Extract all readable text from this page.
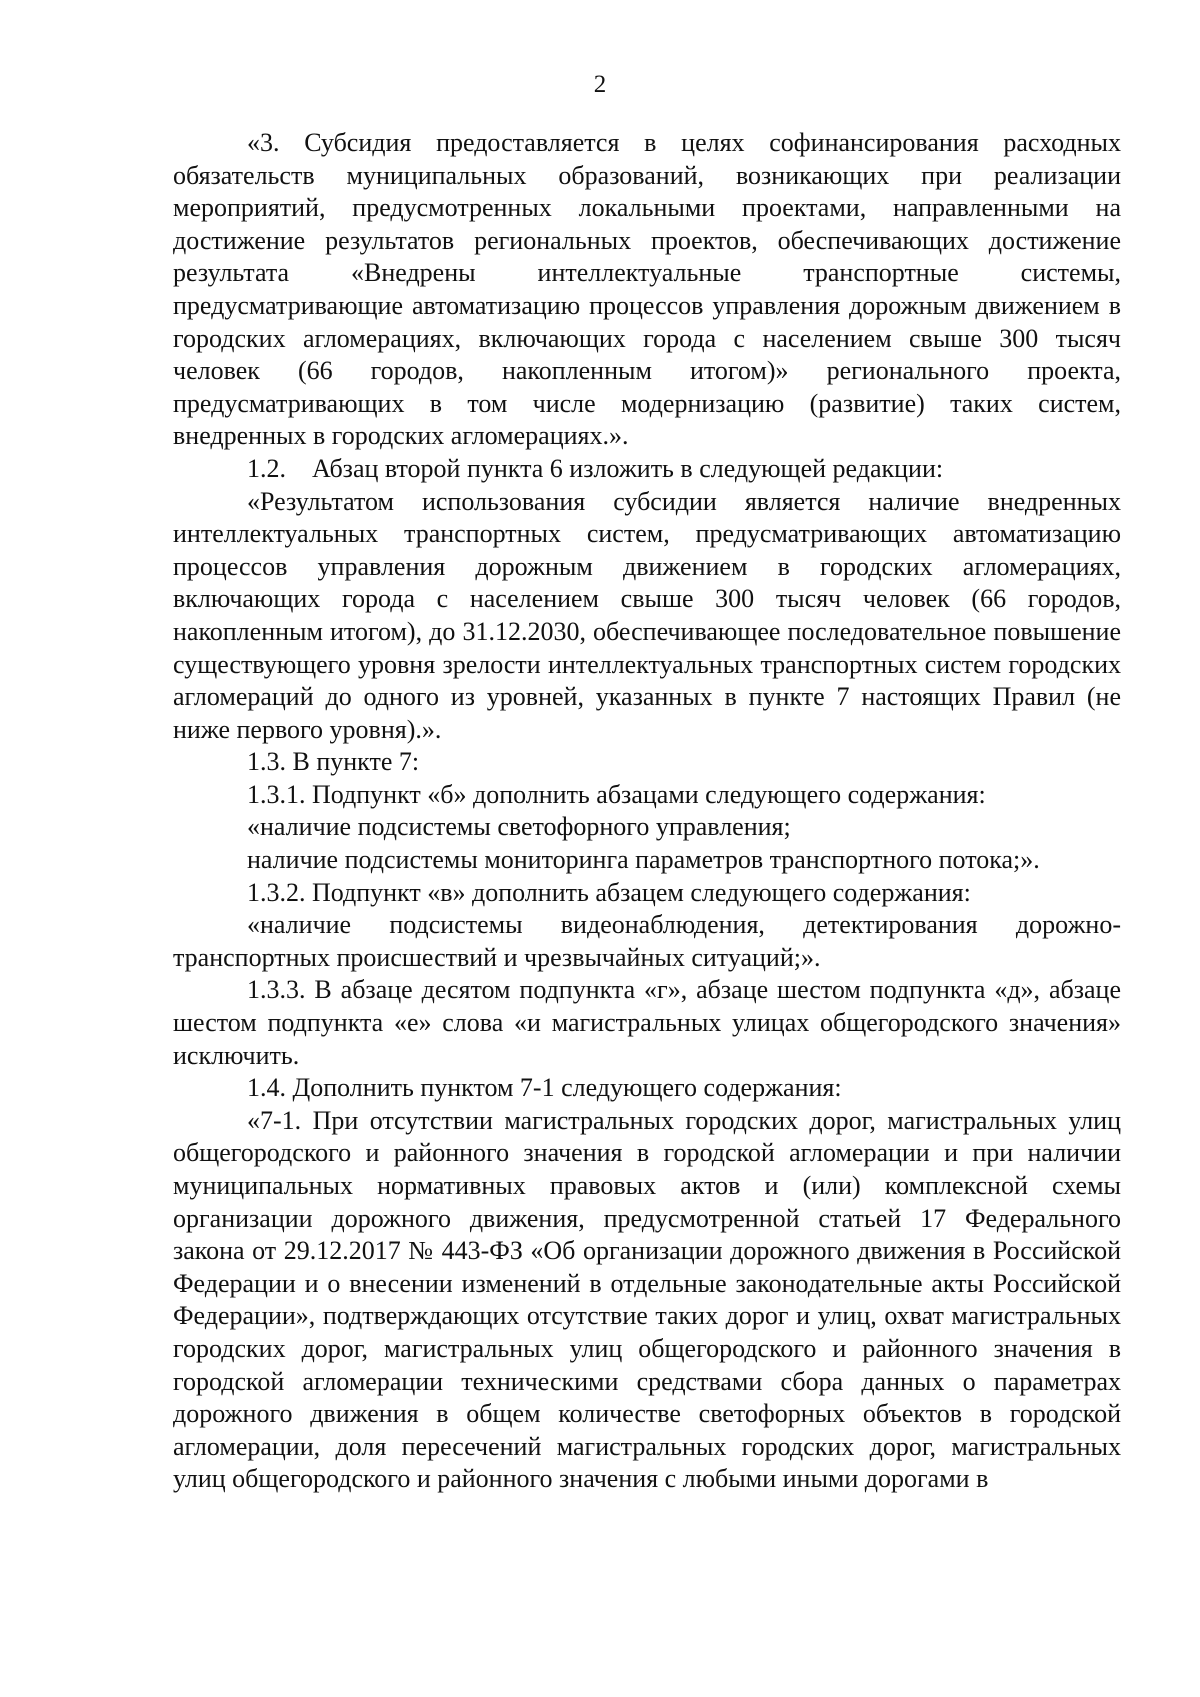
2

«3. Субсидия предоставляется в целях софинансирования расходных обязательств муниципальных образований, возникающих при реализации мероприятий, предусмотренных локальными проектами, направленными на достижение результатов региональных проектов, обеспечивающих достижение результата «Внедрены интеллектуальные транспортные системы, предусматривающие автоматизацию процессов управления дорожным движением в городских агломерациях, включающих города с населением свыше 300 тысяч человек (66 городов, накопленным итогом)» регионального проекта, предусматривающих в том числе модернизацию (развитие) таких систем, внедренных в городских агломерациях.».

1.2.    Абзац второй пункта 6 изложить в следующей редакции:

«Результатом использования субсидии является наличие внедренных интеллектуальных транспортных систем, предусматривающих автоматизацию процессов управления дорожным движением в городских агломерациях, включающих города с населением свыше 300 тысяч человек (66 городов, накопленным итогом), до 31.12.2030, обеспечивающее последовательное повышение существующего уровня зрелости интеллектуальных транспортных систем городских агломераций до одного из уровней, указанных в пункте 7 настоящих Правил (не ниже первого уровня).».

1.3. В пункте 7:

1.3.1. Подпункт «б» дополнить абзацами следующего содержания:

«наличие подсистемы светофорного управления;

наличие подсистемы мониторинга параметров транспортного потока;».

1.3.2. Подпункт «в» дополнить абзацем следующего содержания:

«наличие подсистемы видеонаблюдения, детектирования дорожно-транспортных происшествий и чрезвычайных ситуаций;».

1.3.3. В абзаце десятом подпункта «г», абзаце шестом подпункта «д», абзаце шестом подпункта «е» слова «и магистральных улицах общегородского значения» исключить.

1.4. Дополнить пунктом 7-1 следующего содержания:

«7-1. При отсутствии магистральных городских дорог, магистральных улиц общегородского и районного значения в городской агломерации и при наличии муниципальных нормативных правовых актов и (или) комплексной схемы организации дорожного движения, предусмотренной статьей 17 Федерального закона от 29.12.2017 № 443-ФЗ «Об организации дорожного движения в Российской Федерации и о внесении изменений в отдельные законодательные акты Российской Федерации», подтверждающих отсутствие таких дорог и улиц, охват магистральных городских дорог, магистральных улиц общегородского и районного значения в городской агломерации техническими средствами сбора данных о параметрах дорожного движения в общем количестве светофорных объектов в городской агломерации, доля пересечений магистральных городских дорог, магистральных улиц общегородского и районного значения с любыми иными дорогами в
